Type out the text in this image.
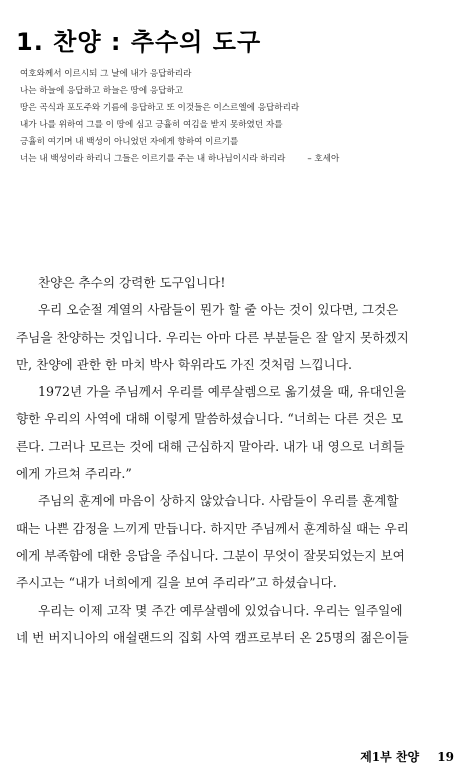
1. 찬양 : 추수의 도구
여호와께서 이르시되 그 날에 내가 응답하리라
나는 하늘에 응답하고 하늘은 땅에 응답하고
땅은 곡식과 포도주와 기름에 응답하고 또 이것들은 이스르엘에 응답하리라
내가 나를 위하여 그를 이 땅에 심고 긍휼히 여김을 받지 못하였던 자를
긍휼히 여기며 내 백성이 아니었던 자에게 향하여 이르기를
너는 내 백성이라 하리니 그들은 이르기를 주는 내 하나님이시라 하리라	– 호세아
찬양은 추수의 강력한 도구입니다!
우리 오순절 계열의 사람들이 뭔가 할 줄 아는 것이 있다면, 그것은
주님을 찬양하는 것입니다. 우리는 아마 다른 부분들은 잘 알지 못하겠지
만, 찬양에 관한 한 마치 박사 학위라도 가진 것처럼 느낍니다.
1972년 가을 주님께서 우리를 예루살렘으로 옮기셨을 때, 유대인을
향한 우리의 사역에 대해 이렇게 말씀하셨습니다. “너희는 다른 것은 모
른다. 그러나 모르는 것에 대해 근심하지 말아라. 내가 내 영으로 너희들
에게 가르쳐 주리라.”
주님의 훈계에 마음이 상하지 않았습니다. 사람들이 우리를 훈계할
때는 나쁜 감정을 느끼게 만듭니다. 하지만 주님께서 훈계하실 때는 우리
에게 부족함에 대한 응답을 주십니다. 그분이 무엇이 잘못되었는지 보여
주시고는 “내가 너희에게 길을 보여 주리라”고 하셨습니다.
우리는 이제 고작 몇 주간 예루살렘에 있었습니다. 우리는 일주일에
네 번 버지니아의 애쉴랜드의 집회 사역 캠프로부터 온 25명의 젊은이들
제1부 찬양 19
